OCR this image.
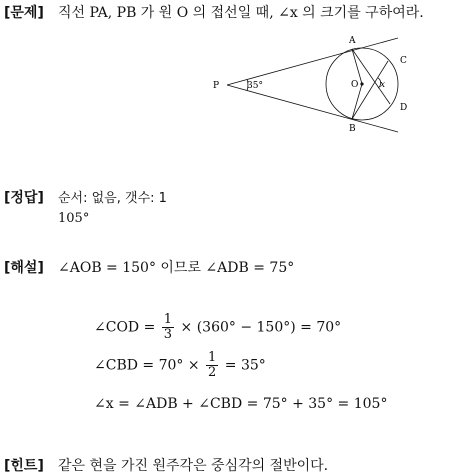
[문제] 직선 PA, PB 가 원 O 의 접선일 때, ∠x 의 크기를 구하여라.
P
A
B
C
D
O x
35°
[정답] 순서: 없음, 갯수: 1
105°
[해설] ∠AOB = 150° 이므로 ∠ADB = 75°
∠COD = $\frac{1}{3} \times (360^\circ - 150^\circ) = 70^\circ$
∠CBD = $70^\circ \times \frac{1}{2} = 35^\circ$
∠x = ∠ADB + ∠CBD = 75° + 35° = 105°
[힌트] 같은 현을 가진 원주각은 중심각의 절반이다.
